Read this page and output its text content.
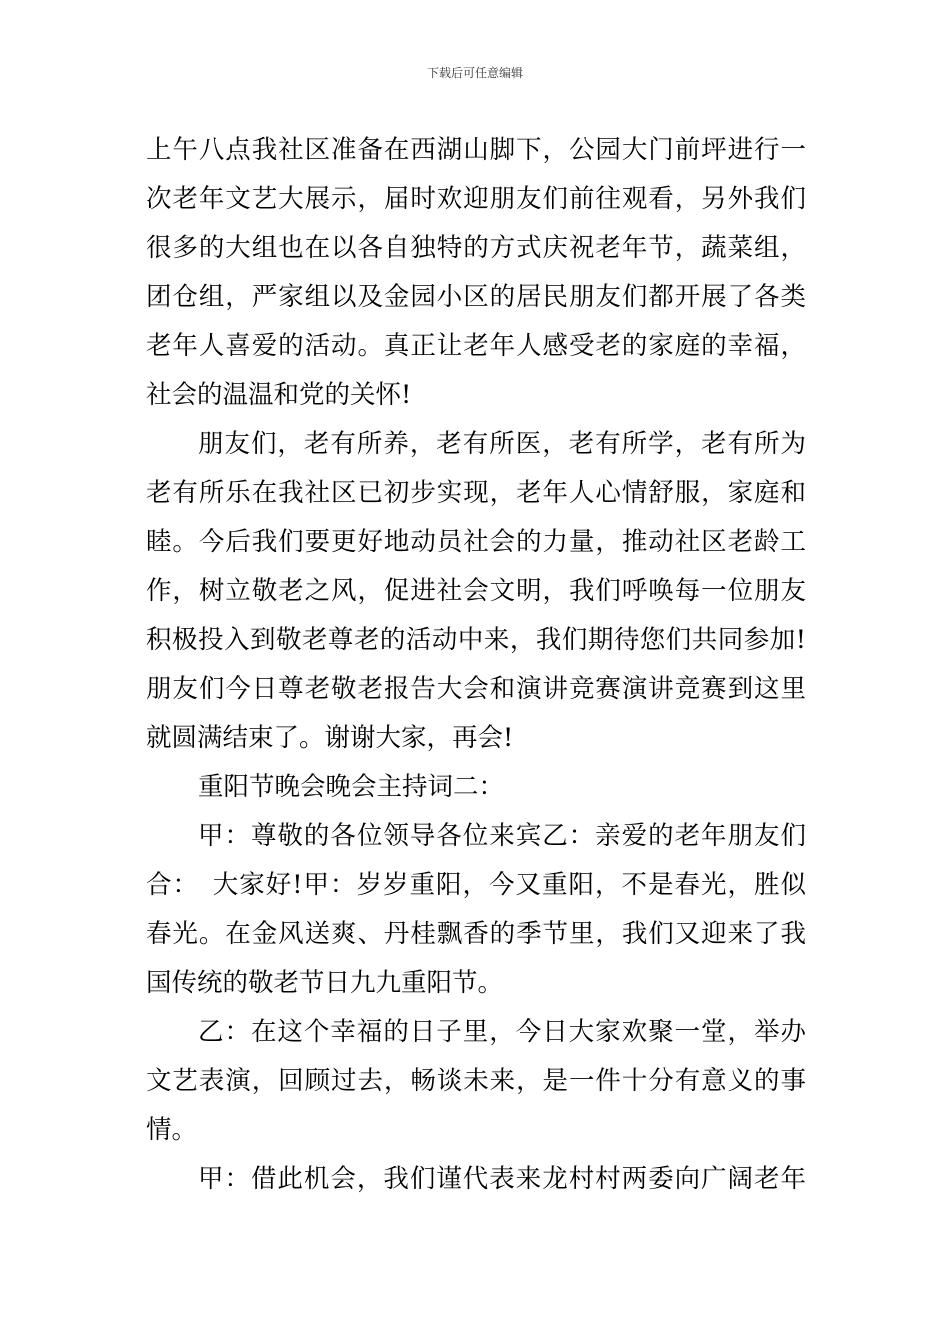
下载后可任意编辑
上午八点我社区准备在西湖山脚下，公园大门前坪进行一
次老年文艺大展示，届时欢迎朋友们前往观看，另外我们
很多的大组也在以各自独特的方式庆祝老年节，蔬菜组，
团仓组，严家组以及金园小区的居民朋友们都开展了各类
老年人喜爱的活动。真正让老年人感受老的家庭的幸福，
社会的温温和党的关怀!
朋友们，老有所养，老有所医，老有所学，老有所为
老有所乐在我社区已初步实现，老年人心情舒服，家庭和
睦。今后我们要更好地动员社会的力量，推动社区老龄工
作，树立敬老之风，促进社会文明，我们呼唤每一位朋友
积极投入到敬老尊老的活动中来，我们期待您们共同参加!
朋友们今日尊老敬老报告大会和演讲竞赛演讲竞赛到这里
就圆满结束了。谢谢大家，再会!
重阳节晚会晚会主持词二：
甲：尊敬的各位领导各位来宾乙：亲爱的老年朋友们
合：　大家好!甲：岁岁重阳，今又重阳，不是春光，胜似
春光。在金风送爽、丹桂飘香的季节里，我们又迎来了我
国传统的敬老节日九九重阳节。
乙：在这个幸福的日子里，今日大家欢聚一堂，举办
文艺表演，回顾过去，畅谈未来，是一件十分有意义的事
情。
甲：借此机会，我们谨代表来龙村村两委向广阔老年
